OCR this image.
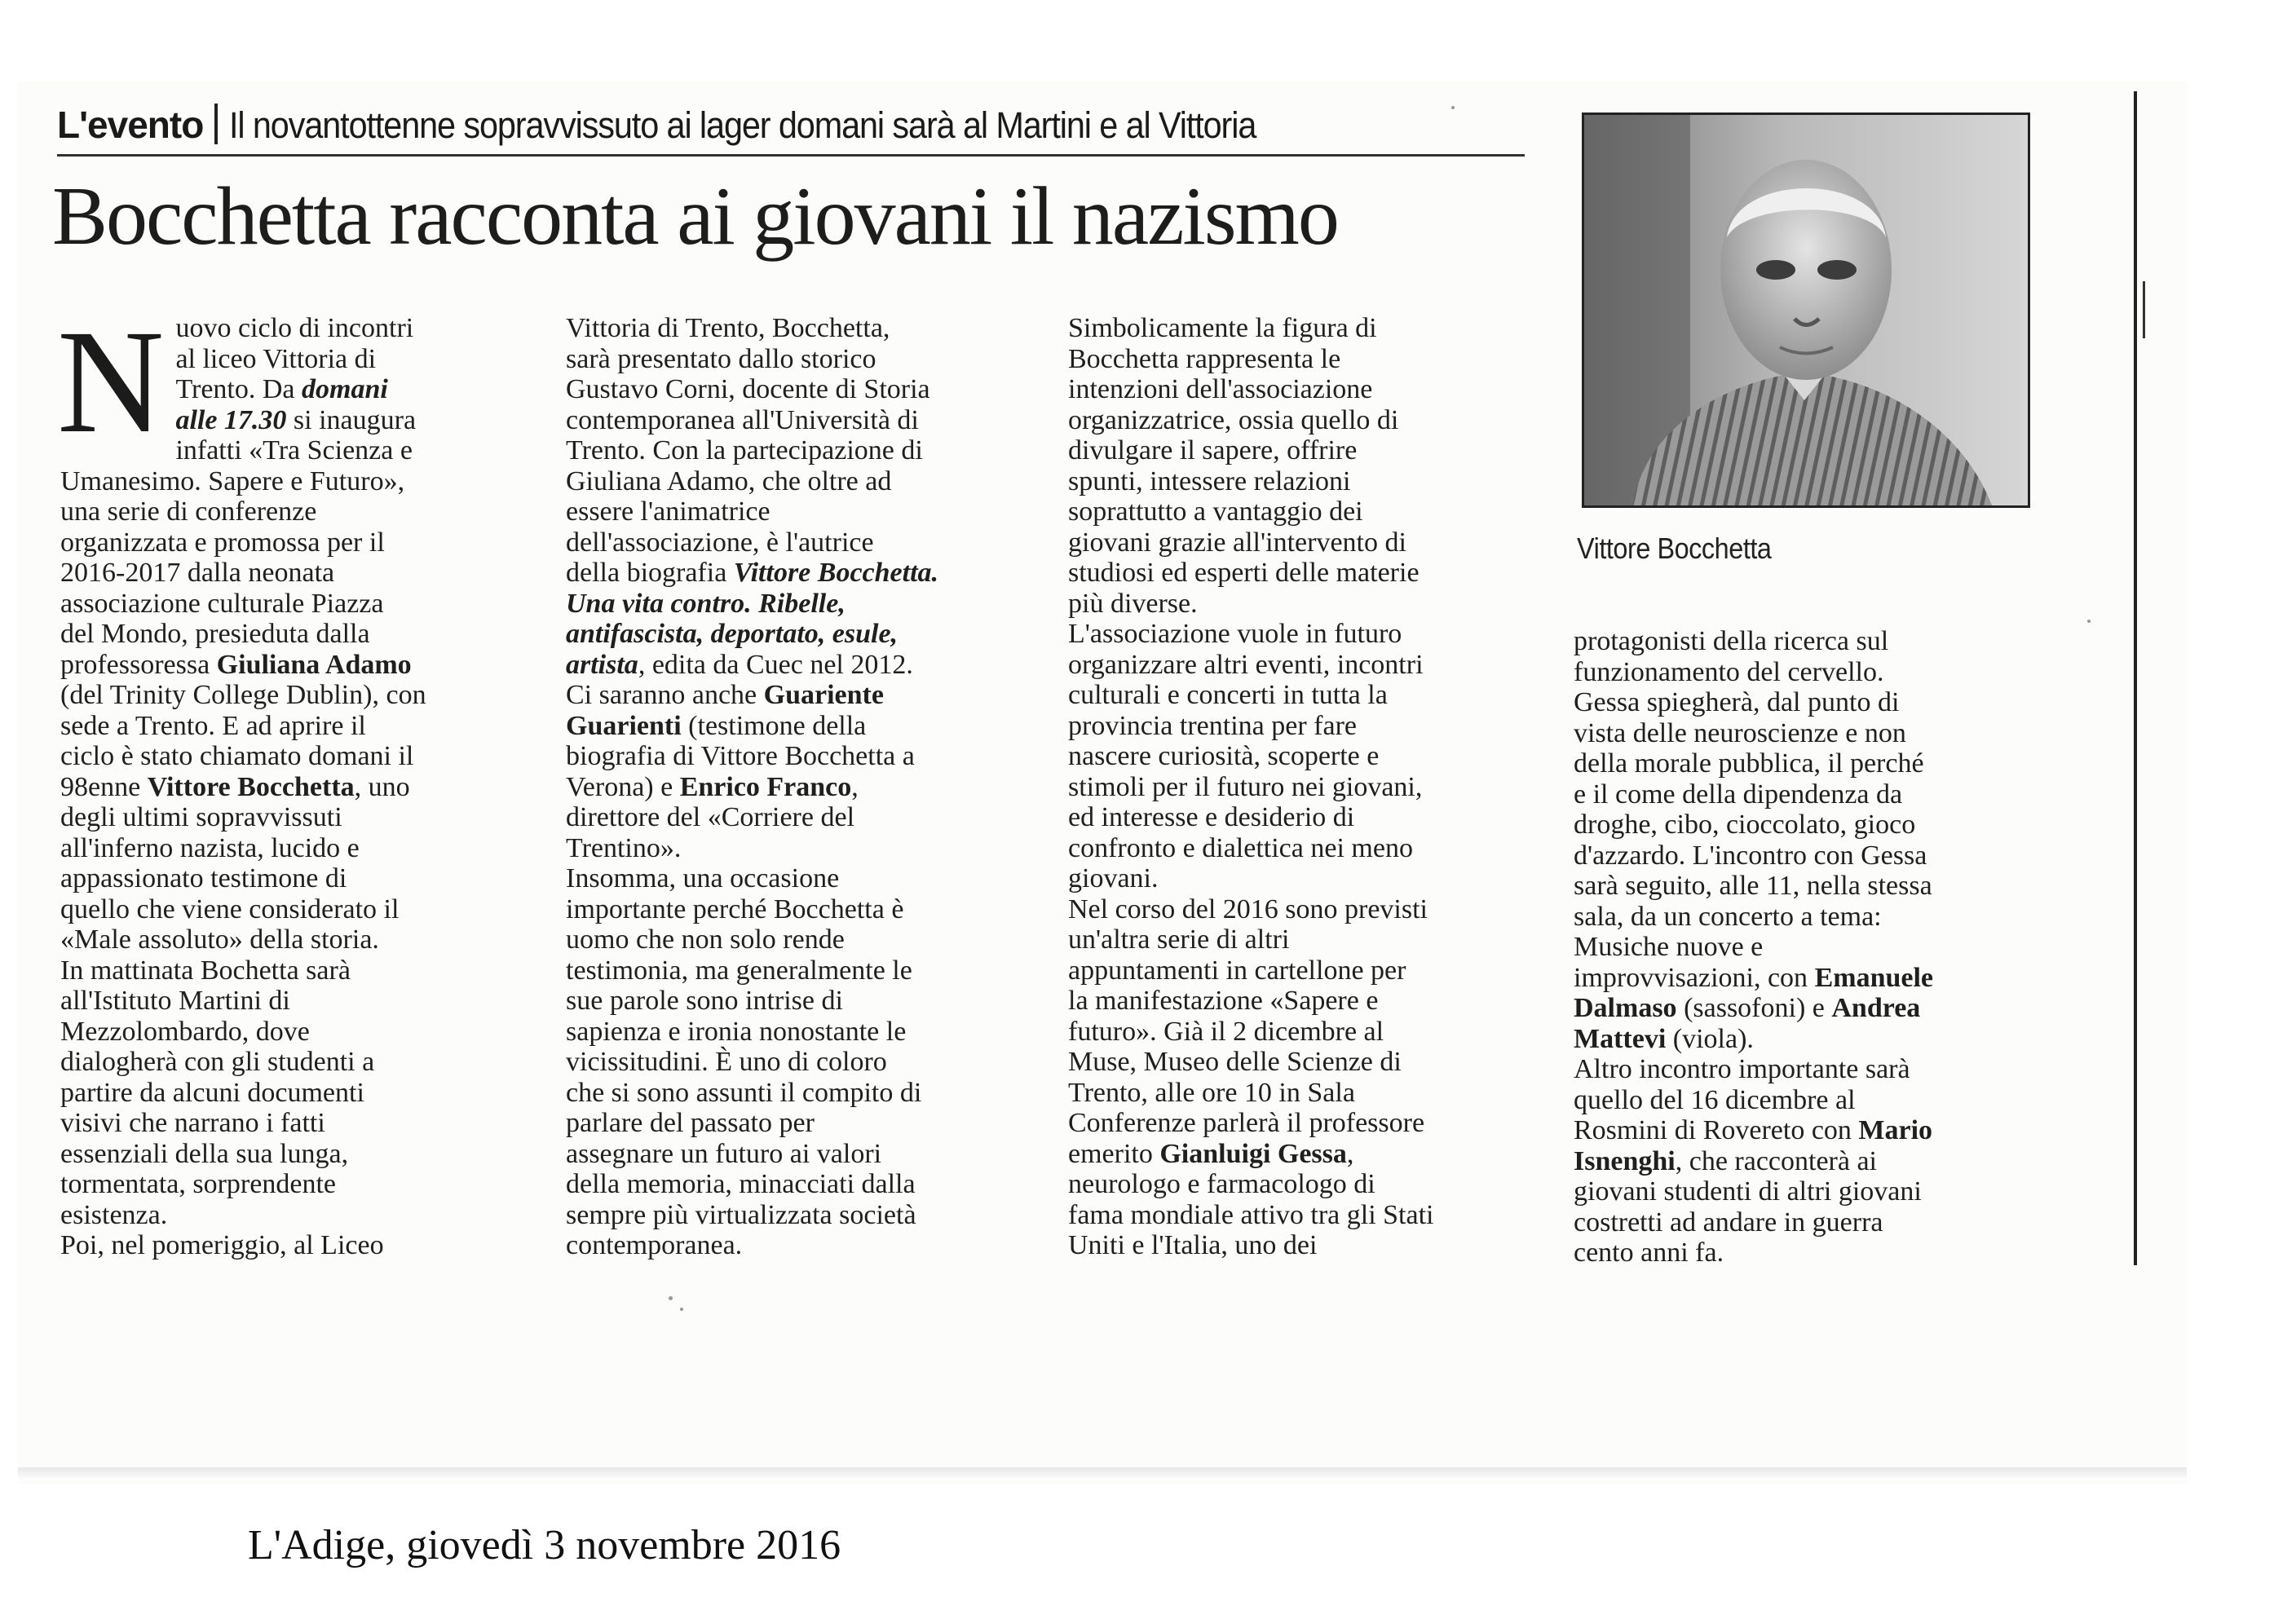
L'evento Il novantottenne sopravvissuto ai lager domani sarà al Martini e al Vittoria
Bocchetta racconta ai giovani il nazismo
N uovo ciclo di incontri
al liceo Vittoria di
Trento. Da domani
alle 17.30 si inaugura
infatti «Tra Scienza e

Umanesimo. Sapere e Futuro»,

una serie di conferenze

organizzata e promossa per il

2016-2017 dalla neonata

associazione culturale Piazza

del Mondo, presieduta dalla

professoressa Giuliana Adamo

(del Trinity College Dublin), con

sede a Trento. E ad aprire il

ciclo è stato chiamato domani il

98enne Vittore Bocchetta, uno

degli ultimi sopravvissuti

all'inferno nazista, lucido e

appassionato testimone di

quello che viene considerato il

«Male assoluto» della storia.

In mattinata Bochetta sarà

all'Istituto Martini di

Mezzolombardo, dove

dialogherà con gli studenti a

partire da alcuni documenti

visivi che narrano i fatti

essenziali della sua lunga,

tormentata, sorprendente

esistenza.

Poi, nel pomeriggio, al Liceo

Vittoria di Trento, Bocchetta,

sarà presentato dallo storico

Gustavo Corni, docente di Storia

contemporanea all'Università di

Trento. Con la partecipazione di

Giuliana Adamo, che oltre ad

essere l'animatrice

dell'associazione, è l'autrice

della biografia Vittore Bocchetta.

Una vita contro. Ribelle,

antifascista, deportato, esule,

artista, edita da Cuec nel 2012.

Ci saranno anche Guariente

Guarienti (testimone della

biografia di Vittore Bocchetta a

Verona) e Enrico Franco,

direttore del «Corriere del

Trentino».

Insomma, una occasione

importante perché Bocchetta è

uomo che non solo rende

testimonia, ma generalmente le

sue parole sono intrise di

sapienza e ironia nonostante le

vicissitudini. È uno di coloro

che si sono assunti il compito di

parlare del passato per

assegnare un futuro ai valori

della memoria, minacciati dalla

sempre più virtualizzata società

contemporanea.

Simbolicamente la figura di

Bocchetta rappresenta le

intenzioni dell'associazione

organizzatrice, ossia quello di

divulgare il sapere, offrire

spunti, intessere relazioni

soprattutto a vantaggio dei

giovani grazie all'intervento di

studiosi ed esperti delle materie

più diverse.

L'associazione vuole in futuro

organizzare altri eventi, incontri

culturali e concerti in tutta la

provincia trentina per fare

nascere curiosità, scoperte e

stimoli per il futuro nei giovani,

ed interesse e desiderio di

confronto e dialettica nei meno

giovani.

Nel corso del 2016 sono previsti

un'altra serie di altri

appuntamenti in cartellone per

la manifestazione «Sapere e

futuro». Già il 2 dicembre al

Muse, Museo delle Scienze di

Trento, alle ore 10 in Sala

Conferenze parlerà il professore

emerito Gianluigi Gessa,

neurologo e farmacologo di

fama mondiale attivo tra gli Stati

Uniti e l'Italia, uno dei

Vittore Bocchetta

protagonisti della ricerca sul

funzionamento del cervello.

Gessa spiegherà, dal punto di

vista delle neuroscienze e non

della morale pubblica, il perché

e il come della dipendenza da

droghe, cibo, cioccolato, gioco

d'azzardo. L'incontro con Gessa

sarà seguito, alle 11, nella stessa

sala, da un concerto a tema:

Musiche nuove e

improvvisazioni, con Emanuele

Dalmaso (sassofoni) e Andrea

Mattevi (viola).

Altro incontro importante sarà

quello del 16 dicembre al

Rosmini di Rovereto con Mario

Isnenghi, che racconterà ai

giovani studenti di altri giovani

costretti ad andare in guerra

cento anni fa.

L'Adige, giovedì 3 novembre 2016
